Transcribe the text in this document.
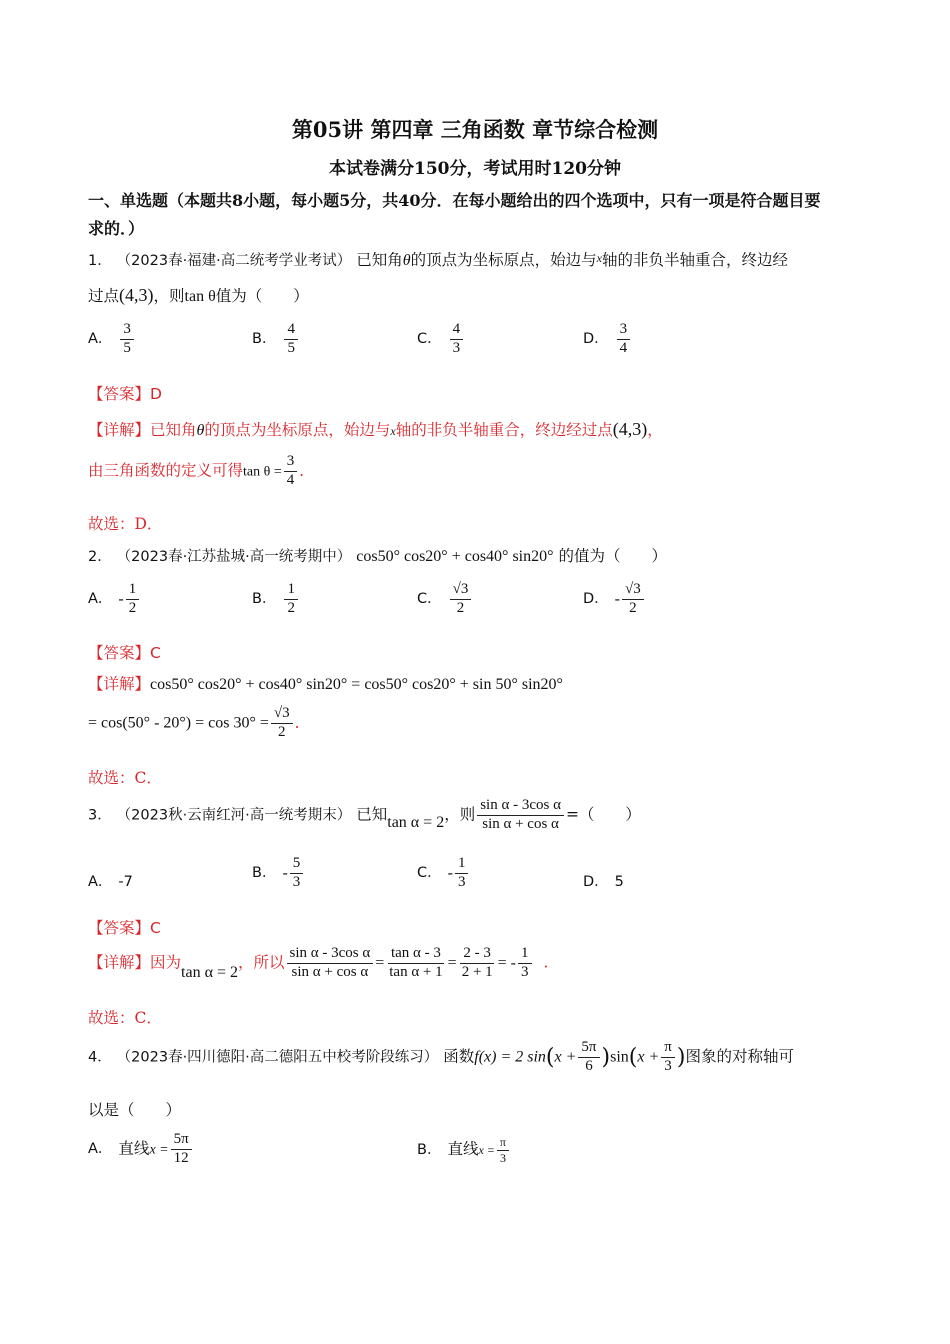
第05讲 第四章 三角函数 章节综合检测
本试卷满分150分，考试用时120分钟
一、单选题（本题共8小题，每小题5分，共40分．在每小题给出的四个选项中，只有一项是符合题目要
求的．）
1． （2023春·福建·高二统考学业考试） 已知角θ的顶点为坐标原点，始边与x轴的非负半轴重合，终边经
过点(4,3)，则tan θ值为（　　）
A． $\frac{3}{5}$	B． $\frac{4}{5}$	C． $\frac{4}{3}$	D． $\frac{3}{4}$
【答案】D
【详解】已知角θ的顶点为坐标原点，始边与x轴的非负半轴重合，终边经过点(4,3)，
由三角函数的定义可得$\tan \theta = \frac{3}{4}$ ．
故选：D．
2． （2023春·江苏盐城·高一统考期中） cos50° cos20° + cos40° sin20° 的值为（　　）
A． - $\frac{1}{2}$	B． $\frac{1}{2}$	C． $\frac{√3}{2}$	D． - $\frac{√3}{2}$
【答案】C
【详解】cos50° cos20° + cos40° sin20° = cos50° cos20° + sin 50° sin20°
= $\cos(50^\circ - 20^\circ) = \cos 30^\circ = \frac{√3}{2}$ ．
故选：C．
3． （2023秋·云南红河·高一统考期末） 已知tan α = 2，则 $\frac{\text{sin α - 3cos α}}{\text{sin α + cos α}}$ =（　　）
A． -7
B． - $\frac{5}{3}$	C． - $\frac{1}{3}$	D． 5
【答案】C
【详解】因为tan α = 2，所以 $\frac{\text{sin α - 3cos α}}{\text{sin α + cos α}} = \frac{\text{tan α - 3}}{\text{tan α + 1}} = \frac{2 - 3}{2 + 1}$ = - $\frac{1}{3}$ ．
故选：C．
4． （2023春·四川德阳·高二德阳五中校考阶段练习） 函数f(x) = 2 $\sin(x + \frac{5\pi}{6} )\sin(x + \frac{\pi}{3}$ )图象的对称轴可
以是（　　）
A． 直线$x = \frac{5\pi}{12}$	B． 直线$x = \frac{\pi}{3}$
